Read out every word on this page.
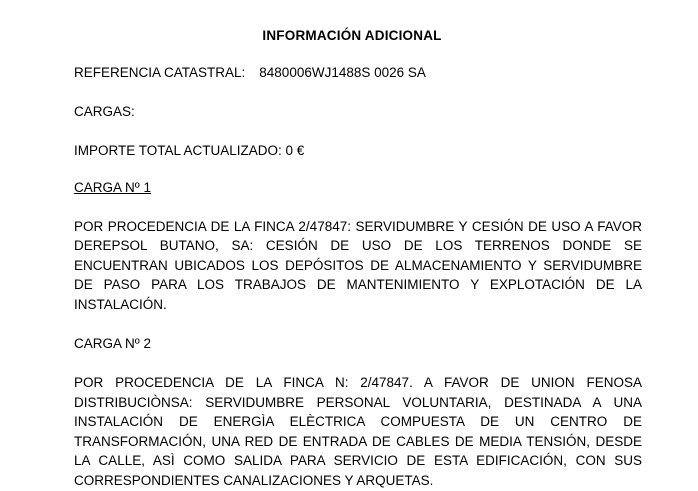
INFORMACIÓN ADICIONAL
REFERENCIA CATASTRAL: 8480006WJ1488S 0026 SA
CARGAS:
IMPORTE TOTAL ACTUALIZADO: 0 €
CARGA Nº 1
POR PROCEDENCIA DE LA FINCA 2/47847: SERVIDUMBRE Y CESIÓN DE USO A FAVOR DEREPSOL BUTANO, SA: CESIÓN DE USO DE LOS TERRENOS DONDE SE ENCUENTRAN UBICADOS LOS DEPÓSITOS DE ALMACENAMIENTO Y SERVIDUMBRE DE PASO PARA LOS TRABAJOS DE MANTENIMIENTO Y EXPLOTACIÓN DE LA INSTALACIÓN.
CARGA Nº 2
POR PROCEDENCIA DE LA FINCA N: 2/47847. A FAVOR DE UNION FENOSA DISTRIBUCIÒNSA: SERVIDUMBRE PERSONAL VOLUNTARIA, DESTINADA A UNA INSTALACIÓN DE ENERGÌA ELÈCTRICA COMPUESTA DE UN CENTRO DE TRANSFORMACIÓN, UNA RED DE ENTRADA DE CABLES DE MEDIA TENSIÓN, DESDE LA CALLE, ASÌ COMO SALIDA PARA SERVICIO DE ESTA EDIFICACIÓN, CON SUS CORRESPONDIENTES CANALIZACIONES Y ARQUETAS.
